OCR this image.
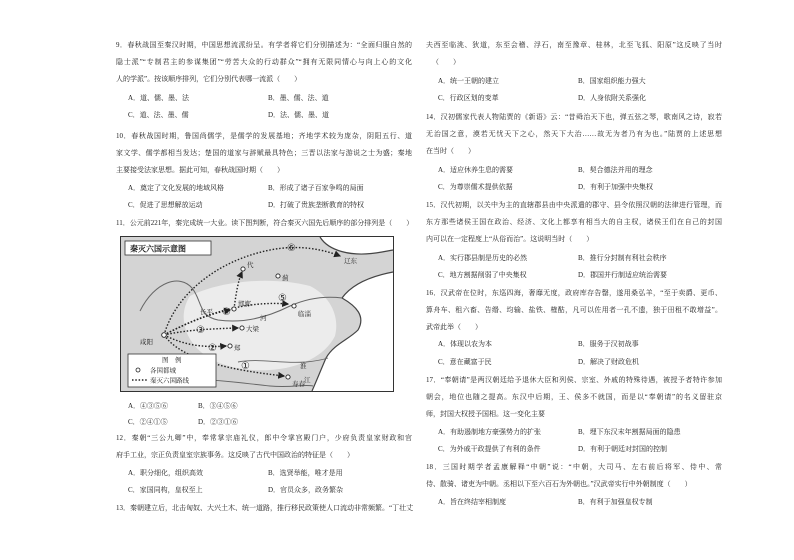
9．春秋战国至秦汉时期，中国思想流派纷呈。有学者将它们分别描述为：“全面归服自然的
隐士派”“专制君主的参谋集团”“劳苦大众的行动群众”“拥有无限同情心与向上心的文化
人的学派”。按该顺序排列，它们分别代表哪一流派（　　）
A．道、儒、墨、法	B．墨、儒、法、道
C．道、法、墨、儒	D．法、儒、墨、道
10．春秋战国时期，鲁国尚儒学，是儒学的发展基地；齐地学术较为庞杂，阴阳五行、道
家文学、儒学都相当发达；楚国的道家与辞赋最具特色；三晋以法家与游说之士为盛；秦地
主要接受法家思想。据此可知，春秋战国时期（　　）
A．奠定了文化发展的地域风格	B．形成了诸子百家争鸣的局面
C．促进了思想解放运动	D．打破了贵族垄断教育的特权
11．公元前221年，秦完成统一大业。读下图判断，符合秦灭六国先后顺序的部分排列是（　　）
秦灭六国示意图
①
②
③
④
⑤
⑥
咸阳
大梁
郑
邯郸
临淄
代
蓟
辽东
长平
寿春
河
淮
江
图　例
各国都城
秦灭六国路线
A．④③⑤⑥	B．③④⑤⑥
C．②④①⑤	D．②③①⑥
12．秦朝“三公九卿”中，奉常掌宗庙礼仪，郎中令掌宫殿门户，少府负责皇家财政和官
府手工业，宗正负责皇室宗族事务。这反映了古代中国政治的特征是（　　）
A．职分细化，组织高效	B．选贤举能，唯才是用
C．家国同构，皇权至上	D．官员众多，政务繁杂
13．秦朝建立后，北击匈奴、大兴土木、统一道路，推行移民政策使人口流动非常频繁。“丁壮丈
夫西至临洮、狄道，东至会稽、浮石，南至豫章、桂林，北至飞狐、阳原”这反映了当时
（　　）
A．统一王朝的建立	B．国家组织能力强大
C．行政区划的变革	D．人身依附关系强化
14．汉初儒家代表人物陆贾的《新语》云：“昔舜治天下也，弹五弦之琴，歌南风之诗，寂若
无治国之意，漠若无忧天下之心，然天下大治……故无为者乃有为也。”陆贾的上述思想
在当时（　　）
A．适应休养生息的需要	B．契合德法并用的理念
C．为尊崇儒术提供依据	D．有利于加强中央集权
15．汉代初期，以关中为主的直辖郡县由中央派遣的郡守、县令依照汉朝的法律进行管理，而
东方那些诸侯王国在政治、经济、文化上都享有相当大的自主权，诸侯王们在自己的封国
内可以在一定程度上“从俗而治”。这说明当时（　　）
A．实行郡县制是历史的必然	B．推行分封制有利社会秩序
C．地方割据削弱了中央集权	D．郡国并行制适应统治需要
16．汉武帝在位时，东巡四海，奢靡无度，政府库存告罄，遂用桑弘羊，“至于卖爵、更币、
算舟车、租六畜、告缗、均输、盐铁、榷酤，凡可以佐用者一孔不遗，独于田租不敢增益”。
武帝此举（　　）
A．体现以农为本	B．服务于汉初战事
C．意在藏富于民	D．解决了财政危机
17．“奉朝请”是两汉朝廷给予退休大臣和列侯、宗室、外戚的特殊待遇，被授予者特许参加
朝会，地位也随之提高。东汉中后期，王、侯多不就国，而是以“奉朝请”的名义留驻京
师，封国大权授予国相。这一变化主要
A．有助遏制地方豪强势力的扩张	B．埋下东汉末年割据局面的隐患
C．为外戚干政提供了有利的条件	D．有利于朝廷对封国的控制
18．三国时期学者孟康解释“中朝”说：“中朝，大司马、左右前后将军、侍中、常
侍、散骑、诸吏为中朝。丞相以下至六百石为外朝也。”汉武帝实行中外朝制度（　　）
A．旨在终结宰相制度	B．有利于加强皇权专制
